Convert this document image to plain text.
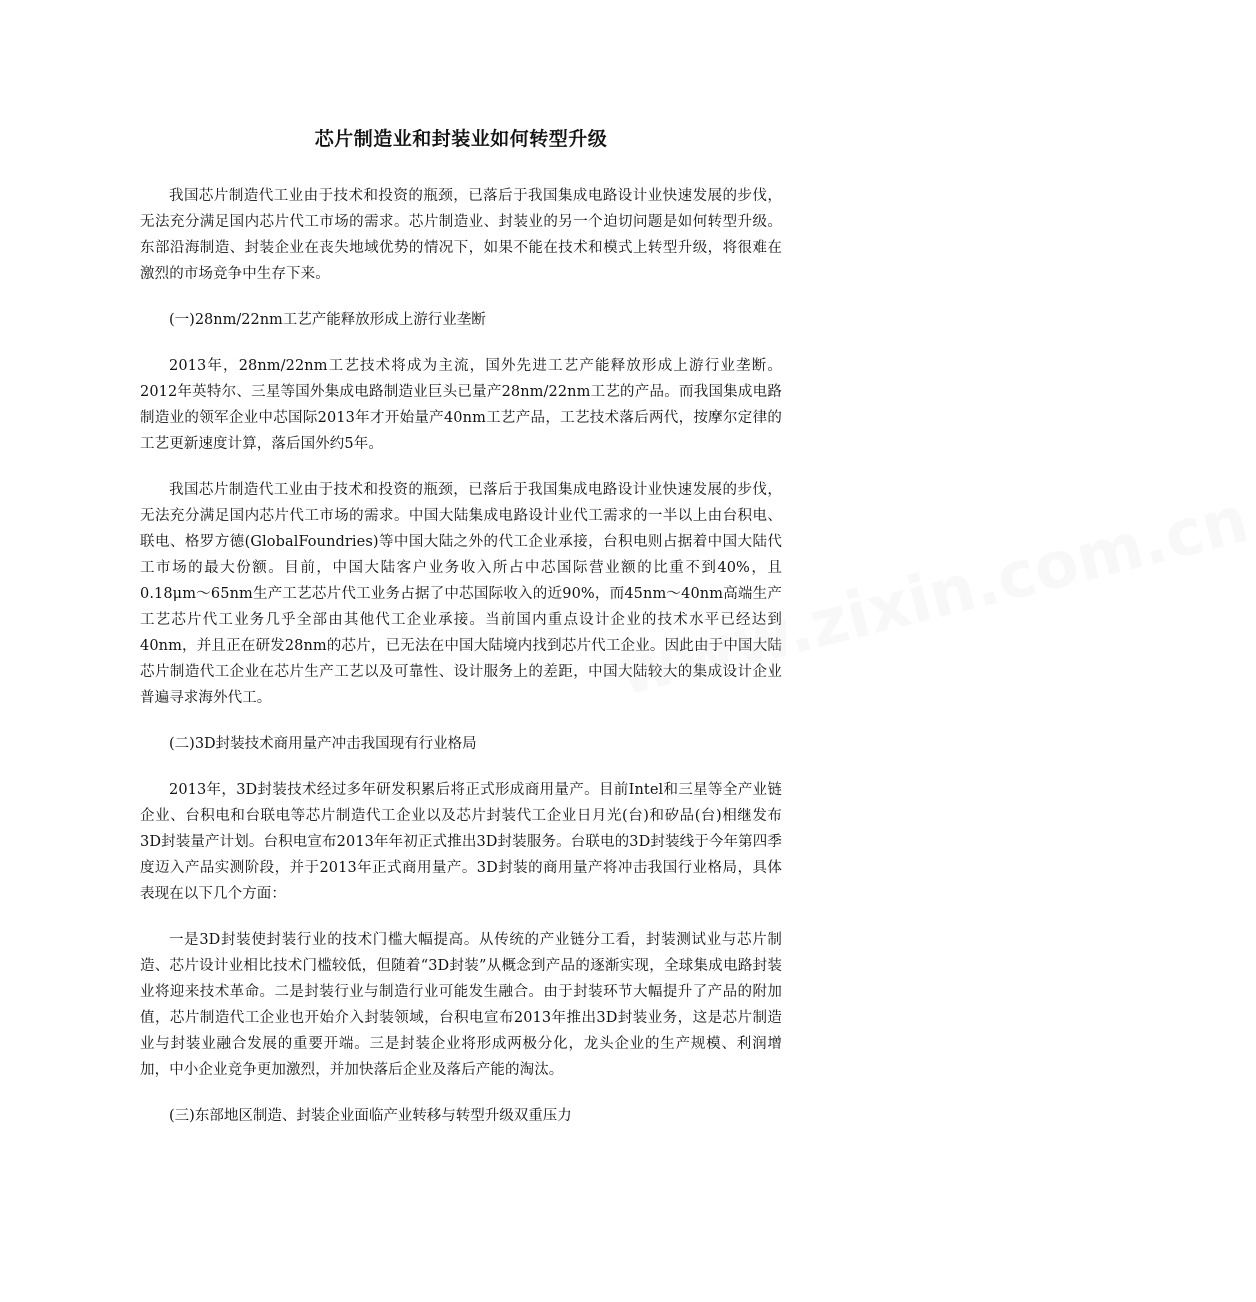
芯片制造业和封装业如何转型升级

我国芯片制造代工业由于技术和投资的瓶颈，已落后于我国集成电路设计业快速发展的步伐，无法充分满足国内芯片代工市场的需求。芯片制造业、封装业的另一个迫切问题是如何转型升级。东部沿海制造、封装企业在丧失地域优势的情况下，如果不能在技术和模式上转型升级，将很难在激烈的市场竞争中生存下来。

(一)28nm/22nm工艺产能释放形成上游行业垄断

2013年，28nm/22nm工艺技术将成为主流，国外先进工艺产能释放形成上游行业垄断。2012年英特尔、三星等国外集成电路制造业巨头已量产28nm/22nm工艺的产品。而我国集成电路制造业的领军企业中芯国际2013年才开始量产40nm工艺产品，工艺技术落后两代，按摩尔定律的工艺更新速度计算，落后国外约5年。

我国芯片制造代工业由于技术和投资的瓶颈，已落后于我国集成电路设计业快速发展的步伐，无法充分满足国内芯片代工市场的需求。中国大陆集成电路设计业代工需求的一半以上由台积电、联电、格罗方德(GlobalFoundries)等中国大陆之外的代工企业承接，台积电则占据着中国大陆代工市场的最大份额。目前，中国大陆客户业务收入所占中芯国际营业额的比重不到40%，且0.18μm～65nm生产工艺芯片代工业务占据了中芯国际收入的近90%，而45nm～40nm高端生产工艺芯片代工业务几乎全部由其他代工企业承接。当前国内重点设计企业的技术水平已经达到40nm，并且正在研发28nm的芯片，已无法在中国大陆境内找到芯片代工企业。因此由于中国大陆芯片制造代工企业在芯片生产工艺以及可靠性、设计服务上的差距，中国大陆较大的集成设计企业普遍寻求海外代工。

(二)3D封装技术商用量产冲击我国现有行业格局

2013年，3D封装技术经过多年研发积累后将正式形成商用量产。目前Intel和三星等全产业链企业、台积电和台联电等芯片制造代工企业以及芯片封装代工企业日月光(台)和矽品(台)相继发布3D封装量产计划。台积电宣布2013年年初正式推出3D封装服务。台联电的3D封装线于今年第四季度迈入产品实测阶段，并于2013年正式商用量产。3D封装的商用量产将冲击我国行业格局，具体表现在以下几个方面：

一是3D封装使封装行业的技术门槛大幅提高。从传统的产业链分工看，封装测试业与芯片制造、芯片设计业相比技术门槛较低，但随着“3D封装”从概念到产品的逐渐实现，全球集成电路封装业将迎来技术革命。二是封装行业与制造行业可能发生融合。由于封装环节大幅提升了产品的附加值，芯片制造代工企业也开始介入封装领域，台积电宣布2013年推出3D封装业务，这是芯片制造业与封装业融合发展的重要开端。三是封装企业将形成两极分化，龙头企业的生产规模、利润增加，中小企业竞争更加激烈，并加快落后企业及落后产能的淘汰。

(三)东部地区制造、封装企业面临产业转移与转型升级双重压力

www.zixin.com.cn
